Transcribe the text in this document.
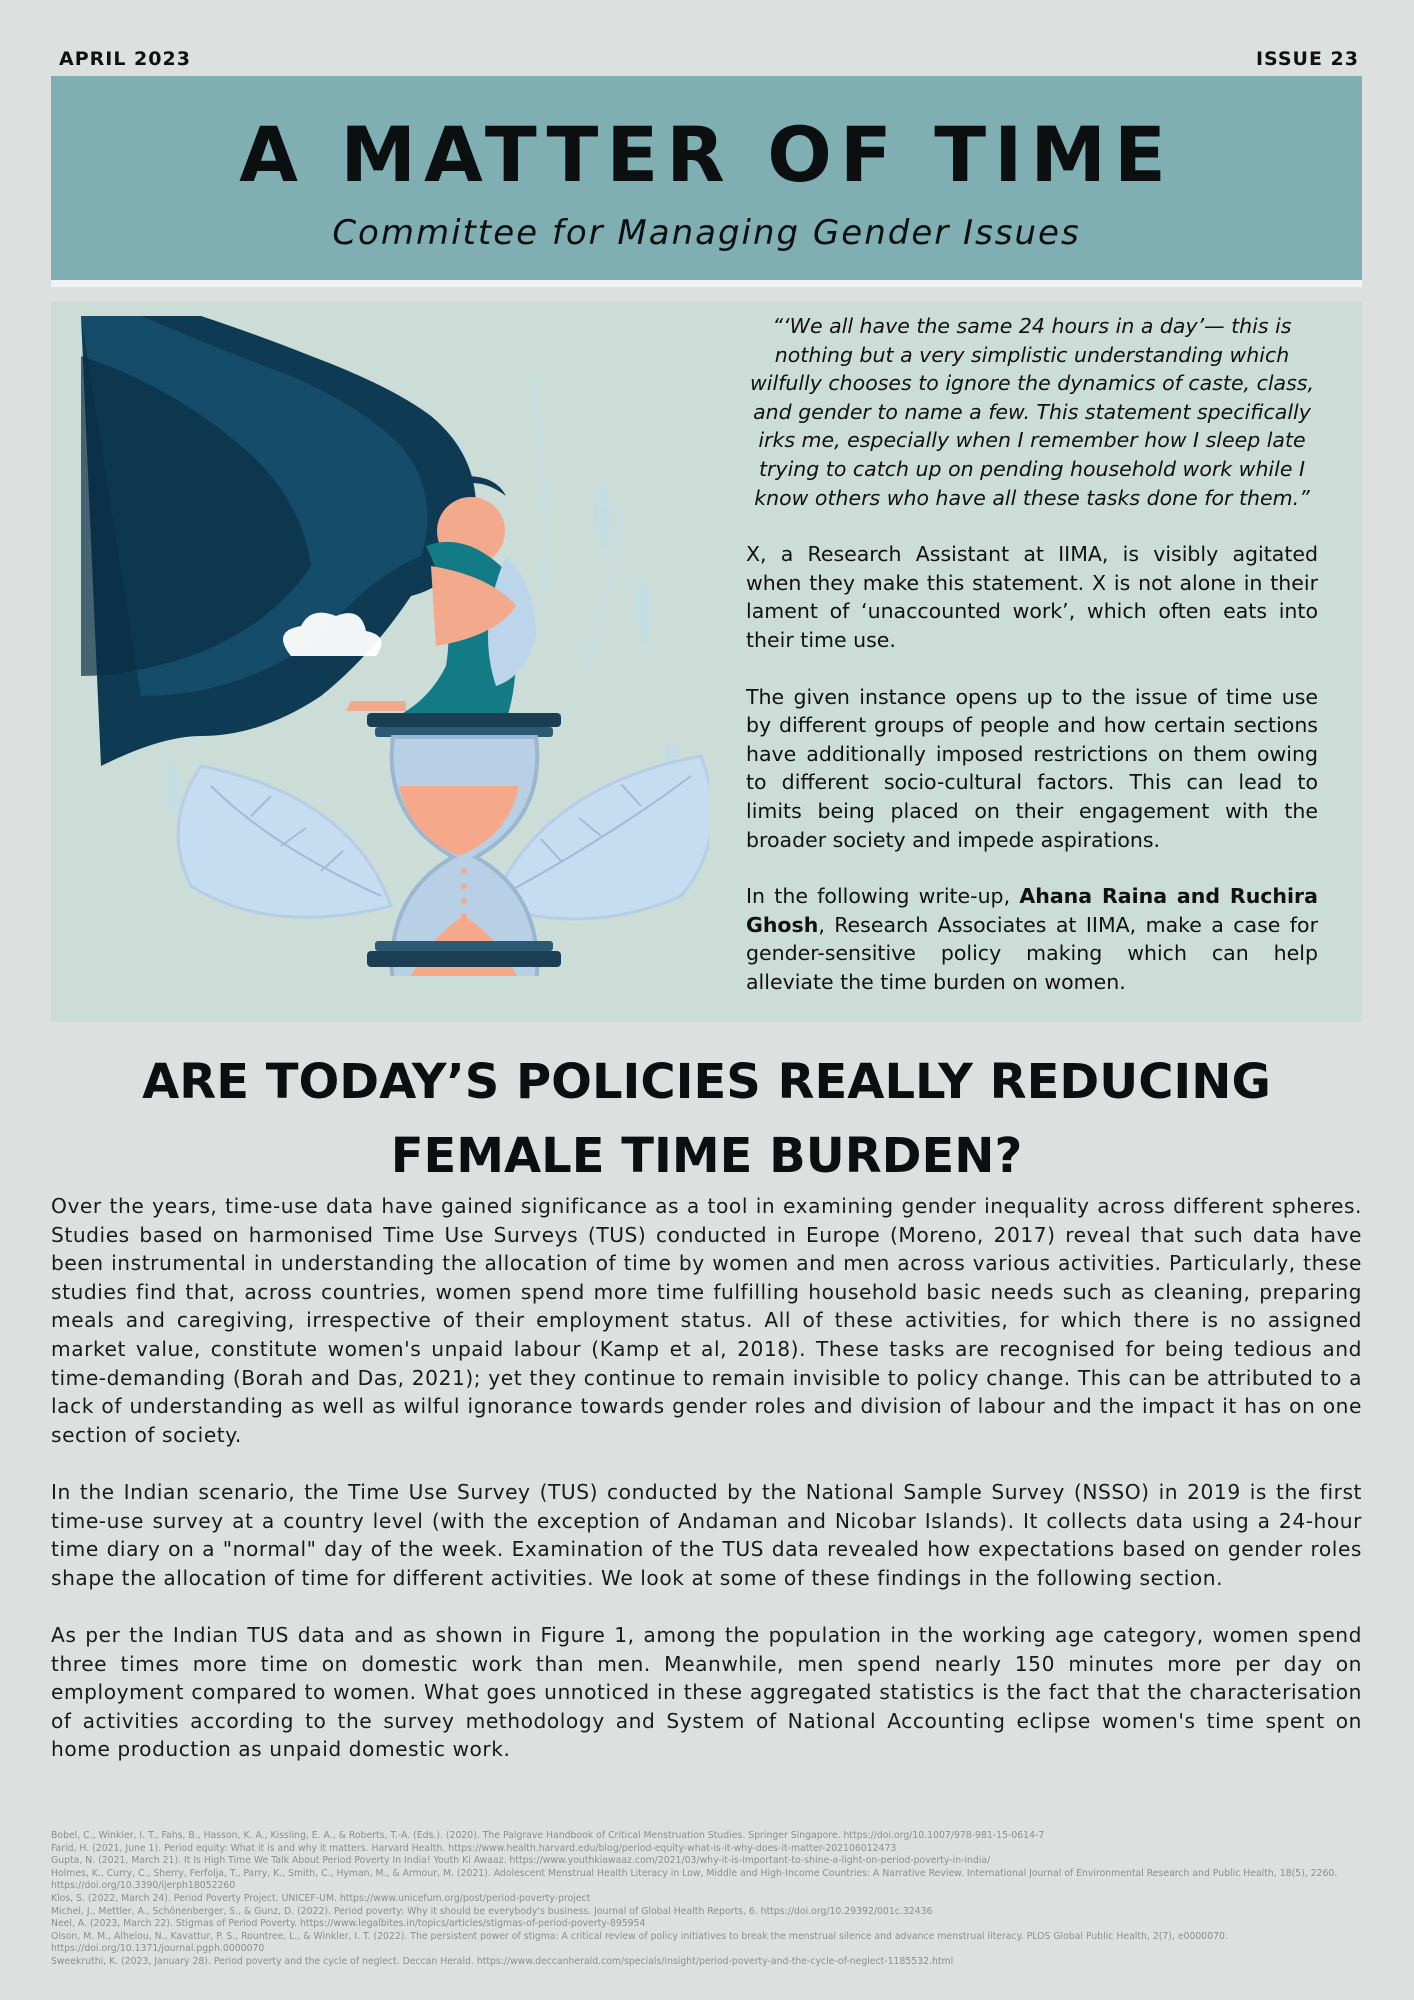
APRIL 2023	ISSUE 23
A MATTER OF TIME
Committee for Managing Gender Issues
“‘We all have the same 24 hours in a day’— this is
nothing but a very simplistic understanding which
wilfully chooses to ignore the dynamics of caste, class,
and gender to name a few. This statement specifically
irks me, especially when I remember how I sleep late
trying to catch up on pending household work while I
know others who have all these tasks done for them.”

X, a Research Assistant at IIMA, is visibly agitated when they make this statement. X is not alone in their lament of ‘unaccounted work’, which often eats into their time use.

The given instance opens up to the issue of time use by different groups of people and how certain sections have additionally imposed restrictions on them owing to different socio-cultural factors. This can lead to limits being placed on their engagement with the broader society and impede aspirations.

In the following write-up, Ahana Raina and Ruchira Ghosh, Research Associates at IIMA, make a case for gender-sensitive policy making which can help alleviate the time burden on women.

ARE TODAY’S POLICIES REALLY REDUCING
FEMALE TIME BURDEN?

Over the years, time-use data have gained significance as a tool in examining gender inequality across different spheres. Studies based on harmonised Time Use Surveys (TUS) conducted in Europe (Moreno, 2017) reveal that such data have been instrumental in understanding the allocation of time by women and men across various activities. Particularly, these studies find that, across countries, women spend more time fulfilling household basic needs such as cleaning, preparing meals and caregiving, irrespective of their employment status. All of these activities, for which there is no assigned market value, constitute women's unpaid labour (Kamp et al, 2018). These tasks are recognised for being tedious and time-demanding (Borah and Das, 2021); yet they continue to remain invisible to policy change. This can be attributed to a lack of understanding as well as wilful ignorance towards gender roles and division of labour and the impact it has on one section of society.

In the Indian scenario, the Time Use Survey (TUS) conducted by the National Sample Survey (NSSO) in 2019 is the first time-use survey at a country level (with the exception of Andaman and Nicobar Islands). It collects data using a 24-hour time diary on a "normal" day of the week. Examination of the TUS data revealed how expectations based on gender roles shape the allocation of time for different activities. We look at some of these findings in the following section.

As per the Indian TUS data and as shown in Figure 1, among the population in the working age category, women spend three times more time on domestic work than men. Meanwhile, men spend nearly 150 minutes more per day on employment compared to women. What goes unnoticed in these aggregated statistics is the fact that the characterisation of activities according to the survey methodology and System of National Accounting eclipse women's time spent on home production as unpaid domestic work.

Bobel, C., Winkler, I. T., Fahs, B., Hasson, K. A., Kissling, E. A., & Roberts, T.-A. (Eds.). (2020). The Palgrave Handbook of Critical Menstruation Studies. Springer Singapore. https://doi.org/10.1007/978-981-15-0614-7
Farid, H. (2021, June 1). Period equity: What it is and why it matters. Harvard Health. https://www.health.harvard.edu/blog/period-equity-what-is-it-why-does-it-matter-202106012473
Gupta, N. (2021, March 21). It Is High Time We Talk About Period Poverty In India! Youth Ki Awaaz. https://www.youthkiawaaz.com/2021/03/why-it-is-important-to-shine-a-light-on-period-poverty-in-india/
Holmes, K., Curry, C., Sherry, Ferfolja, T., Parry, K., Smith, C., Hyman, M., & Armour, M. (2021). Adolescent Menstrual Health Literacy in Low, Middle and High-Income Countries: A Narrative Review. International Journal of Environmental Research and Public Health, 18(5), 2260.
https://doi.org/10.3390/ijerph18052260
Klos, S. (2022, March 24). Period Poverty Project. UNICEF-UM. https://www.unicefum.org/post/period-poverty-project
Michel, J., Mettler, A., Schönenberger, S., & Gunz, D. (2022). Period poverty: Why it should be everybody's business. Journal of Global Health Reports, 6. https://doi.org/10.29392/001c.32436
Neel, A. (2023, March 22). Stigmas of Period Poverty. https://www.legalbites.in/topics/articles/stigmas-of-period-poverty-895954
Olson, M. M., Alhelou, N., Kavattur, P. S., Rountree, L., & Winkler, I. T. (2022). The persistent power of stigma: A critical review of policy initiatives to break the menstrual silence and advance menstrual literacy. PLOS Global Public Health, 2(7), e0000070.
https://doi.org/10.1371/journal.pgph.0000070
Sweekruthi, K. (2023, January 28). Period poverty and the cycle of neglect. Deccan Herald. https://www.deccanherald.com/specials/insight/period-poverty-and-the-cycle-of-neglect-1185532.html
